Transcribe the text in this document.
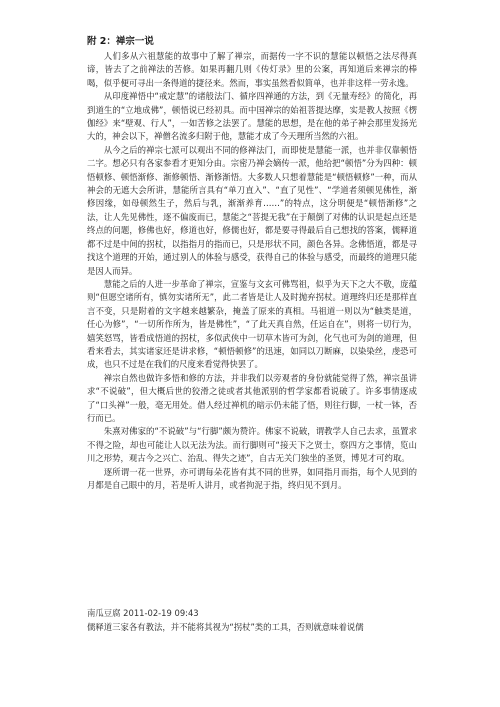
附 2：禅宗一说

人们多从六祖慧能的故事中了解了禅宗，而据传一字不识的慧能以顿悟之法尽得真谛，皆去了之前禅法的苦修。如果再翻几则《传灯录》里的公案，再知道后来禅宗的棒喝，似乎便可寻出一条得道的捷径来。然而，事实虽然看似简单，也并非这样一劳永逸。

从印度禅悟中“戒定慧”的诸般法门、循序四禅通的方法，到《无量寿经》的简化，再到道生的“立地成佛”，顿悟说已经初具。而中国禅宗的始祖菩提达摩，实是教人按照《楞伽经》来“壁观、行人”，一如苦修之法罢了。慧能的思想，是在他的弟子神会那里发扬光大的，神会以下，禅僧名流多归附于他，慧能才成了今天理所当然的六祖。

从今之后的禅宗七派可以观出不同的修禅法门，而即使是慧能一派，也并非仅靠顿悟二字。想必只有各家参看才更知分由。宗密乃禅会嫡传一派，他给把“顿悟”分为四种：顿悟顿修、顿悟渐修、渐修顿悟、渐修渐悟。大多数人只想着慧能是“顿悟顿修”一种，而从神会的无遮大会所讲，慧能所言具有“单刀直入”、“直了见性”、“学道者须顿见佛性，渐修因缘，如母顿然生子，然后与乳，渐渐养育……”的特点，这分明便是“顿悟渐修”之法，让人先见佛性，逐不偏废而已，慧能之“菩提无我”在于颠倒了对佛的认识是起点还是终点的问题，修佛也好，修道也好，修儒也好，都是要寻得最后自己想找的答案，儒释道都不过是中间的拐杖，以指指月的指而已，只是形状不同，颜色各异。念佛悟道，都是寻找这个道理的开始，通过别人的体验与感受，获得自己的体验与感受，而最终的道理只能是因人而异。

慧能之后的人进一步革命了禅宗，宣鉴与文玄可佛骂祖，似乎为天下之大不敬，庞蕴则“但愿空诸所有，慎勿实诸所无”，此二者皆是让人及时抛弃拐杖。道理终归还是那样直言不变，只是附着的文字越来越繁杂，掩盖了原来的真相。马祖道一则以为“触类是道，任心为修”，“一切所作所为，皆是佛性”，“了此天真自然，任运自在”，则将一切行为，嬉笑怒骂，皆看成悟道的拐杖，多似武侠中一切草木皆可为剑，化气也可为剑的道理，但看来看去，其实诸家还是讲求修，“顿悟顿修”的迅速，如同以刀断麻，以染染丝，虔恐可成，也只不过是在我们的尺度来看觉得快罢了。

禅宗自然也做许多悟和修的方法，并非我们以旁观者的身份就能觉得了然，禅宗虽讲求“不说破”，但大概后世的狡滑之徒或者其他派别的哲学家都看说破了。许多事情逐成了“口头禅”一般，毫无用处。借人经过禅机的暗示仍未能了悟，则往行脚，一杖一钵，否行而已。

朱熹对佛家的“不说破”与“行脚”颇为赞许。佛家不说破，谓教学人自己去求，虽置求不得之险，却也可能让人以无法为法。而行脚则可“接天下之贤士，察四方之事情，览山川之形势，观古今之兴亡、治乱、得失之迹”，自古无关门独坐的圣贤，博见才可约取。

逐所谓一花一世界，亦可谓每朵花皆有其不同的世界，如同指月而指，每个人见到的月都是自己眼中的月，若是听人讲月，或者拘泥于指，终归见不到月。

南瓜豆腐 2011-02-19 09:43
儒释道三家各有教法，并不能将其视为“拐杖”类的工具，否则就意味着说儒
